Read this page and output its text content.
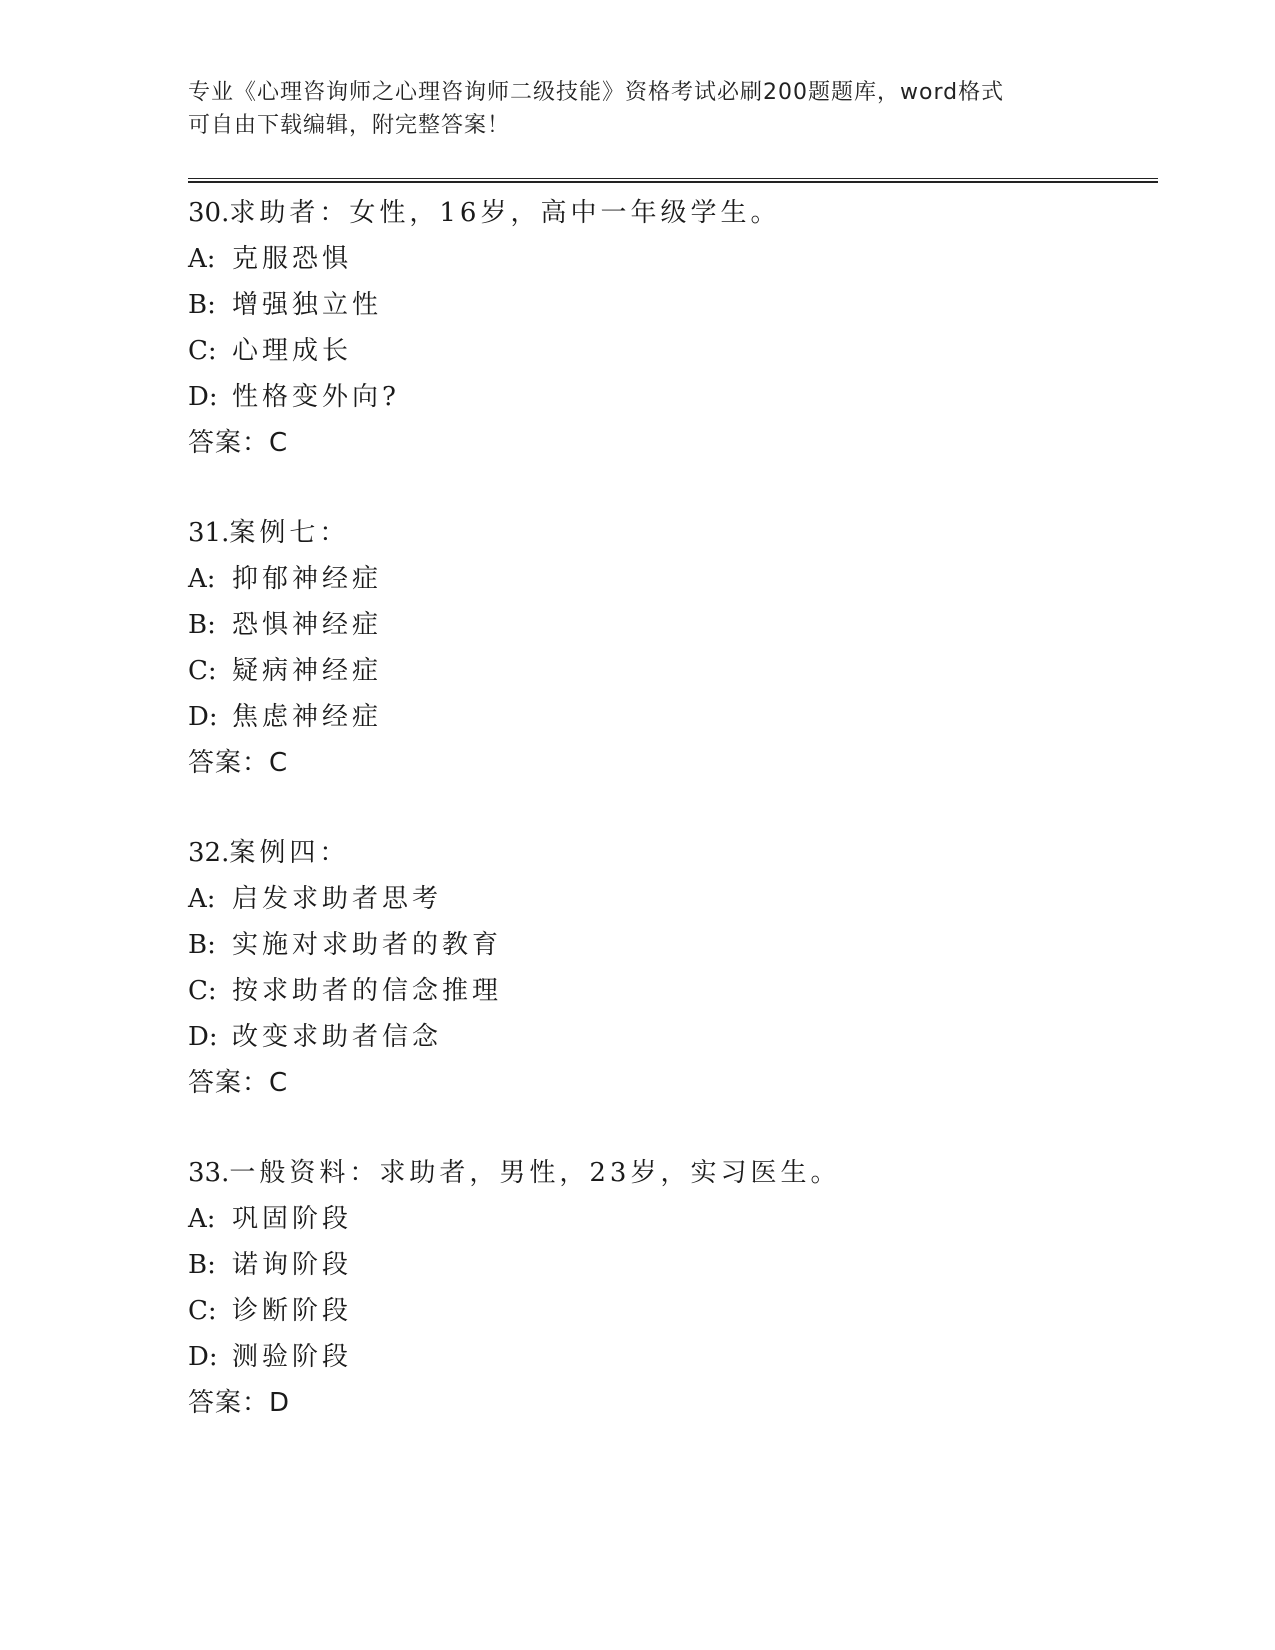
专业《心理咨询师之心理咨询师二级技能》资格考试必刷200题题库，word格式
可自由下载编辑，附完整答案！
30.求助者：女性，16岁，高中一年级学生。
A: 克服恐惧
B: 增强独立性
C: 心理成长
D: 性格变外向?
答案：C
31.案例七：
A: 抑郁神经症
B: 恐惧神经症
C: 疑病神经症
D: 焦虑神经症
答案：C
32.案例四：
A: 启发求助者思考
B: 实施对求助者的教育
C: 按求助者的信念推理
D: 改变求助者信念
答案：C
33.一般资料：求助者，男性，23岁，实习医生。
A: 巩固阶段
B: 诺询阶段
C: 诊断阶段
D: 测验阶段
答案：D
